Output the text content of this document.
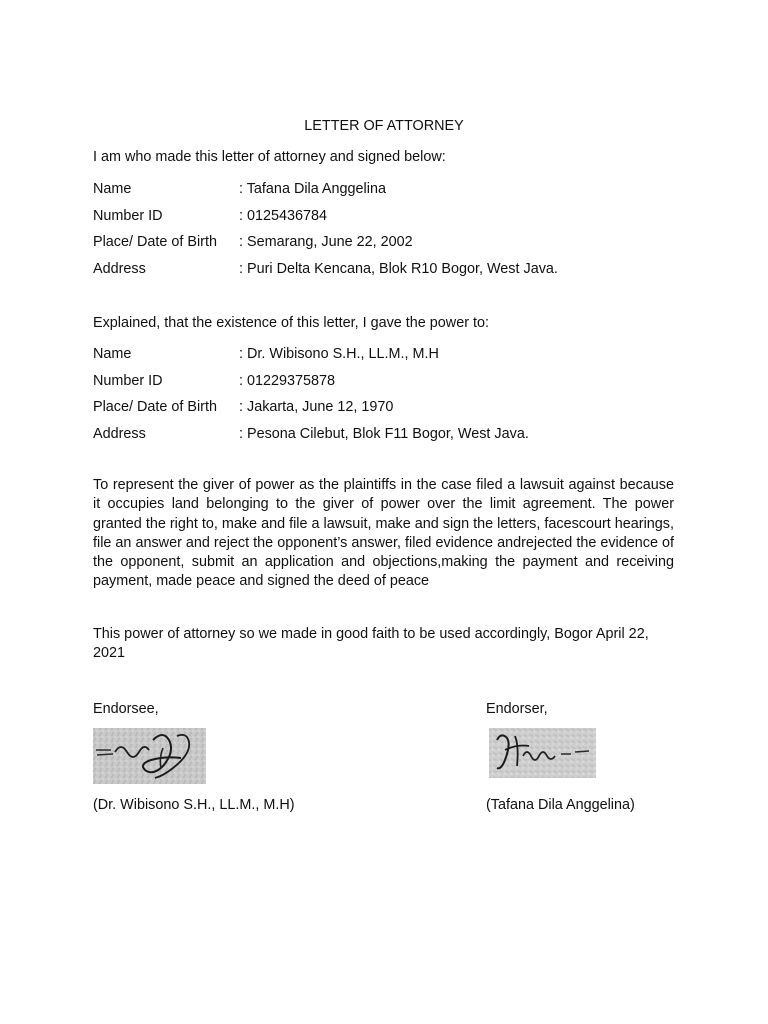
LETTER OF ATTORNEY

I am who made this letter of attorney and signed below:

Name	: Tafana Dila Anggelina
Number ID	: 0125436784
Place/ Date of Birth	: Semarang, June 22, 2002
Address	: Puri Delta Kencana, Blok R10 Bogor, West Java.

Explained, that the existence of this letter, I gave the power to:

Name	: Dr. Wibisono S.H., LL.M., M.H
Number ID	: 01229375878
Place/ Date of Birth	: Jakarta, June 12, 1970
Address	: Pesona Cilebut, Blok F11 Bogor, West Java.

To represent the giver of power as the plaintiffs in the case filed a lawsuit against because it occupies land belonging to the giver of power over the limit agreement. The power granted the right to, make and file a lawsuit, make and sign the letters, facescourt hearings, file an answer and reject the opponent’s answer, filed evidence andrejected the evidence of the opponent, submit an application and objections,making the payment and receiving payment, made peace and signed the deed of peace

This power of attorney so we made in good faith to be used accordingly, Bogor April 22, 2021

Endorsee,	Endorser,
(Dr. Wibisono S.H., LL.M., M.H)	(Tafana Dila Anggelina)
